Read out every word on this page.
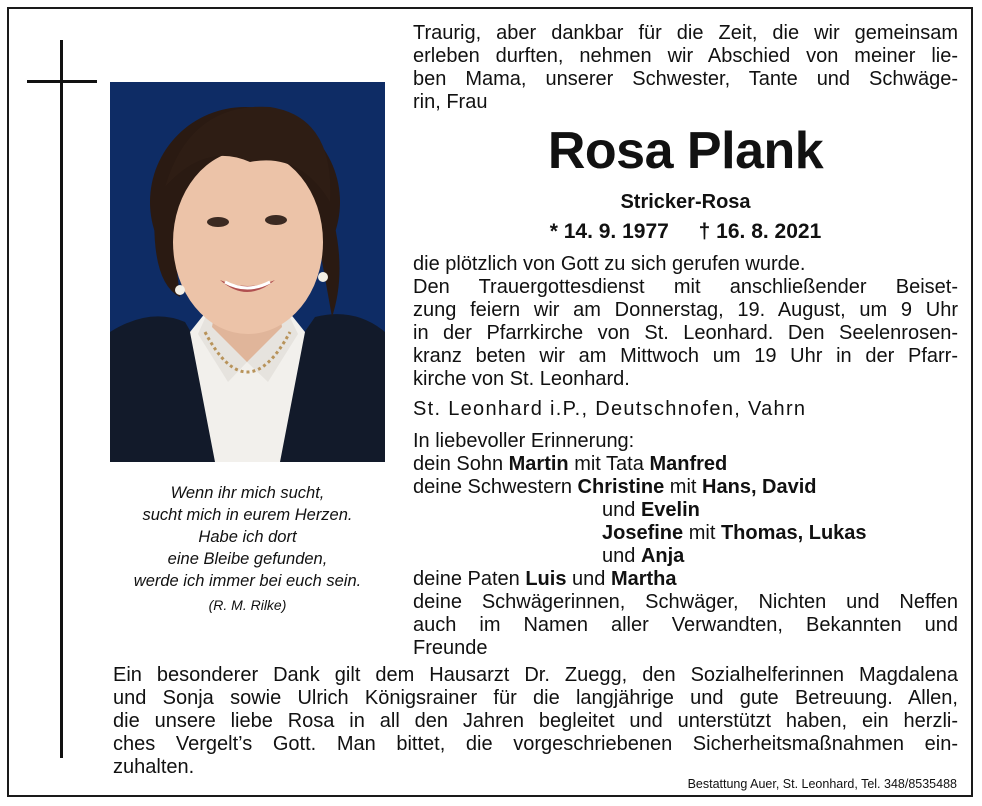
Wenn ihr mich sucht,
sucht mich in eurem Herzen.
Habe ich dort
eine Bleibe gefunden,
werde ich immer bei euch sein.
(R. M. Rilke)
Traurig, aber dankbar für die Zeit, die wir gemeinsam
erleben durften, nehmen wir Abschied von meiner lie-
ben Mama, unserer Schwester, Tante und Schwäge-
rin, Frau
Rosa Plank
Stricker-Rosa
* 14. 9. 1977 † 16. 8. 2021
die plötzlich von Gott zu sich gerufen wurde.
Den Trauergottesdienst mit anschließender Beiset-
zung feiern wir am Donnerstag, 19. August, um 9 Uhr
in der Pfarrkirche von St. Leonhard. Den Seelenrosen-
kranz beten wir am Mittwoch um 19 Uhr in der Pfarr-
kirche von St. Leonhard.
St. Leonhard i.P., Deutschnofen, Vahrn
In liebevoller Erinnerung:
dein Sohn Martin mit Tata Manfred
deine Schwestern Christine mit Hans, David
und Evelin
Josefine mit Thomas, Lukas
und Anja
deine Paten Luis und Martha
deine Schwägerinnen, Schwäger, Nichten und Neffen
auch im Namen aller Verwandten, Bekannten und
Freunde
Ein besonderer Dank gilt dem Hausarzt Dr. Zuegg, den Sozialhelferinnen Magdalena
und Sonja sowie Ulrich Königsrainer für die langjährige und gute Betreuung. Allen,
die unsere liebe Rosa in all den Jahren begleitet und unterstützt haben, ein herzli-
ches Vergelt’s Gott. Man bittet, die vorgeschriebenen Sicherheitsmaßnahmen ein-
zuhalten.
Bestattung Auer, St. Leonhard, Tel. 348/8535488
